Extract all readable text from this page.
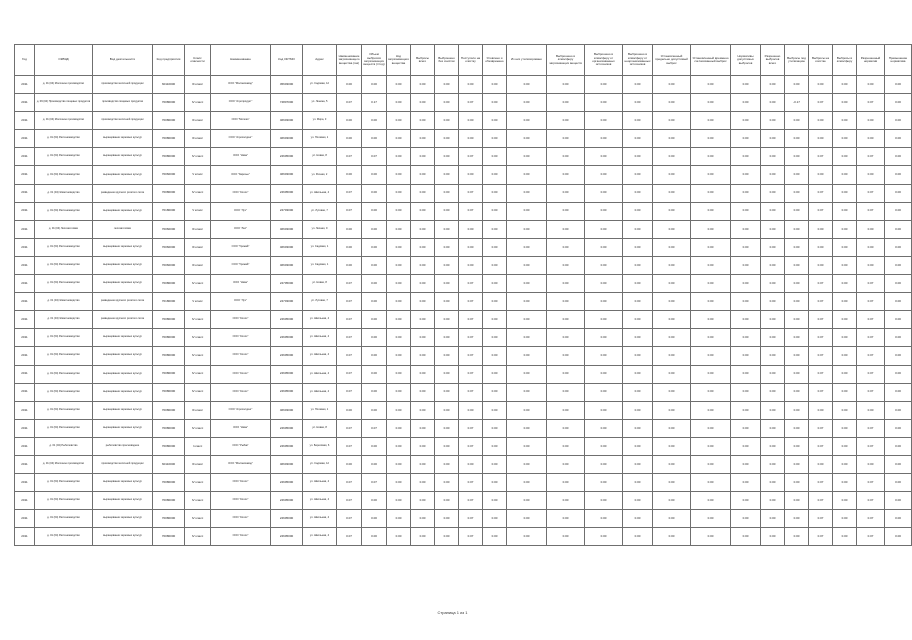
Год	ОКВЭД	Вид деятельности	Код предприятия	Класс опасности	Наименование	Код ОКТМО	Адрес	Наименование загрязняющего вещества (газ)	Объем выбросов загрязняющих веществ (т/год)	Код загрязняющего вещества	Выбросы всего	Выброшено без очистки	Поступило на очистку	Уловлено и обезврежено	Из них утилизировано	Выброшено в атмосферу загрязняющих веществ	Выброшено в атмосферу от организованных источников	Выброшено в атмосферу от неорганизованных источников	Установленный предельно допустимый выброс	Установленный временно согласованный выброс	Нормативы допустимых выбросов	Разрешено выбросов всего	Выбросы под утилизацию	Выбросы на очистке	Выбросы в атмосферу	Разрешенный норматив	Превышение норматива	
2011	д. 01 (04) Молочное производство	производство молочной продукции	60110000	III класс	ООО "Молокозавод"	45603000	ул. Садовая, 12	0.00	0.00	0.00	0.00	0.00	0.00	0.00	0.00	0.00	0.00	0.00	0.00	0.00	0.00	0.00	0.00	0.00	0.00	0.00	0.00	
2011	д. 09 (04) Производство пищевых продуктов	производство пищевых продуктов	70080000	IV класс	ООО "Агропродукт"	74807000	ул. Ленина, 5	0.07	0.17	0.00	0.00	0.00	0.07	0.00	0.00	0.00	0.00	0.00	0.00	0.00	0.00	0.00	-0.17	0.07	0.00	0.07	0.00	
2011	д. 01 (04) Молочное производство	производство молочной продукции	70080000	III класс	ООО "Молоко"	46603000	ул. Мира, 3	0.00	0.00	0.00	0.00	0.00	0.00	0.00	0.00	0.00	0.00	0.00	0.00	0.00	0.00	0.00	0.00	0.00	0.00	0.00	0.00	
2011	д. 01 (04) Растениеводство	выращивание зерновых культур	70080000	III класс	ООО "Агрохолдинг"	46603000	ул. Полевая, 1	0.00	0.00	0.00	0.00	0.00	0.00	0.00	0.00	0.00	0.00	0.00	0.00	0.00	0.00	0.00	0.00	0.00	0.00	0.00	0.00	
2011	д. 01 (04) Растениеводство	выращивание зерновых культур	70080000	IV класс	ООО "Нива"	24605000	ул. Новая, 8	0.07	0.07	0.00	0.00	0.00	0.07	0.00	0.00	0.00	0.00	0.00	0.00	0.00	0.00	0.00	0.00	0.07	0.00	0.07	0.00	
2011	д. 01 (04) Растениеводство	выращивание зерновых культур	70060000	V класс	ООО "Заречье"	46603000	ул. Речная, 2	0.00	0.00	0.00	0.00	0.00	0.00	0.00	0.00	0.00	0.00	0.00	0.00	0.00	0.00	0.00	0.00	0.00	0.00	0.00	0.00	
2011	д. 01 (04) Животноводство	разведение крупного рогатого скота	70080000	IV класс	ООО "Колос"	24605000	ул. Школьная, 4	0.07	0.00	0.00	0.00	0.00	0.07	0.00	0.00	0.00	0.00	0.00	0.00	0.00	0.00	0.00	0.00	0.07	0.00	0.07	0.00	
2011	д. 01 (04) Растениеводство	выращивание зерновых культур	70180000	V класс	ООО "Луч"	24703000	ул. Луговая, 7	0.07	0.00	0.00	0.00	0.00	0.07	0.00	0.00	0.00	0.00	0.00	0.00	0.00	0.00	0.00	0.00	0.07	0.00	0.07	0.00	
2011	д. 01 (04) Лесозаготовки	лесозаготовки	70060000	III класс	ООО "Лес"	46603000	ул. Лесная, 9	0.00	0.00	0.00	0.00	0.00	0.00	0.00	0.00	0.00	0.00	0.00	0.00	0.00	0.00	0.00	0.00	0.00	0.00	0.00	0.00	
2011	д. 01 (04) Растениеводство	выращивание зерновых культур	70060000	III класс	ООО "Урожай"	46603000	ул. Садовая, 1	0.00	0.00	0.00	0.00	0.00	0.00	0.00	0.00	0.00	0.00	0.00	0.00	0.00	0.00	0.00	0.00	0.00	0.00	0.00	0.00	
2011	д. 01 (04) Растениеводство	выращивание зерновых культур	70060000	III класс	ООО "Урожай"	46603000	ул. Садовая, 1	0.00	0.00	0.00	0.00	0.00	0.00	0.00	0.00	0.00	0.00	0.00	0.00	0.00	0.00	0.00	0.00	0.00	0.00	0.00	0.00	
2011	д. 01 (04) Растениеводство	выращивание зерновых культур	70080000	IV класс	ООО "Нива"	24705000	ул. Новая, 8	0.07	0.00	0.00	0.00	0.00	0.07	0.00	0.00	0.00	0.00	0.00	0.00	0.00	0.00	0.00	0.00	0.07	0.00	0.07	0.00	
2011	д. 01 (04) Животноводство	разведение крупного рогатого скота	70180000	V класс	ООО "Луч"	24703000	ул. Луговая, 7	0.07	0.00	0.00	0.00	0.00	0.07	0.00	0.00	0.00	0.00	0.00	0.00	0.00	0.00	0.00	0.00	0.07	0.00	0.07	0.00	
2011	д. 01 (04) Животноводство	разведение крупного рогатого скота	70080000	IV класс	ООО "Колос"	24605000	ул. Школьная, 4	0.07	0.00	0.00	0.00	0.00	0.07	0.00	0.00	0.00	0.00	0.00	0.00	0.00	0.00	0.00	0.00	0.07	0.00	0.07	0.00	
2011	д. 01 (04) Растениеводство	выращивание зерновых культур	70080000	IV класс	ООО "Колос"	24605000	ул. Школьная, 4	0.07	0.00	0.00	0.00	0.00	0.07	0.00	0.00	0.00	0.00	0.00	0.00	0.00	0.00	0.00	0.00	0.07	0.00	0.07	0.00	
2011	д. 01 (04) Растениеводство	выращивание зерновых культур	70080000	IV класс	ООО "Колос"	24605000	ул. Школьная, 4	0.07	0.00	0.00	0.00	0.00	0.07	0.00	0.00	0.00	0.00	0.00	0.00	0.00	0.00	0.00	0.00	0.07	0.00	0.07	0.00	
2011	д. 01 (04) Растениеводство	выращивание зерновых культур	70080000	IV класс	ООО "Колос"	24605000	ул. Школьная, 4	0.07	0.00	0.00	0.00	0.00	0.07	0.00	0.00	0.00	0.00	0.00	0.00	0.00	0.00	0.00	0.00	0.07	0.00	0.07	0.00	
2011	д. 01 (04) Растениеводство	выращивание зерновых культур	70080000	IV класс	ООО "Колос"	24605000	ул. Школьная, 4	0.07	0.00	0.00	0.00	0.00	0.07	0.00	0.00	0.00	0.00	0.00	0.00	0.00	0.00	0.00	0.00	0.07	0.00	0.07	0.00	
2011	д. 01 (04) Растениеводство	выращивание зерновых культур	70080000	III класс	ООО "Агрохолдинг"	46603000	ул. Полевая, 1	0.00	0.00	0.00	0.00	0.00	0.00	0.00	0.00	0.00	0.00	0.00	0.00	0.00	0.00	0.00	0.00	0.00	0.00	0.00	0.00	
2011	д. 01 (04) Растениеводство	выращивание зерновых культур	70080000	IV класс	ООО "Нива"	24605000	ул. Новая, 8	0.07	0.07	0.00	0.00	0.00	0.07	0.00	0.00	0.00	0.00	0.00	0.00	0.00	0.00	0.00	0.00	0.07	0.00	0.07	0.00	
2011	д. 01 (04) Рыболовство	рыболовство пресноводное	70080000	I класс	ООО "Рыбак"	24605000	ул. Береговая, 6	0.07	0.00	0.00	0.00	0.00	0.07	0.00	0.00	0.00	0.00	0.00	0.00	0.00	0.00	0.00	0.00	0.07	0.00	0.07	0.00	
2011	д. 01 (04) Молочное производство	производство молочной продукции	60110000	III класс	ООО "Молокозавод"	46603000	ул. Садовая, 12	0.00	0.00	0.00	0.00	0.00	0.00	0.00	0.00	0.00	0.00	0.00	0.00	0.00	0.00	0.00	0.00	0.00	0.00	0.00	0.00	
2011	д. 01 (04) Растениеводство	выращивание зерновых культур	70080000	IV класс	ООО "Колос"	24605000	ул. Школьная, 4	0.07	0.07	0.00	0.00	0.00	0.07	0.00	0.00	0.00	0.00	0.00	0.00	0.00	0.00	0.00	0.00	0.07	0.00	0.07	0.00	
2011	д. 01 (04) Растениеводство	выращивание зерновых культур	70080000	IV класс	ООО "Колос"	24605000	ул. Школьная, 4	0.07	0.00	0.00	0.00	0.00	0.07	0.00	0.00	0.00	0.00	0.00	0.00	0.00	0.00	0.00	0.00	0.07	0.00	0.07	0.00	
2011	д. 01 (04) Растениеводство	выращивание зерновых культур	70080000	IV класс	ООО "Колос"	24605000	ул. Школьная, 4	0.07	0.00	0.00	0.00	0.00	0.07	0.00	0.00	0.00	0.00	0.00	0.00	0.00	0.00	0.00	0.00	0.07	0.00	0.07	0.00	
2011	д. 01 (04) Растениеводство	выращивание зерновых культур	70080000	IV класс	ООО "Колос"	24605000	ул. Школьная, 4	0.07	0.00	0.00	0.00	0.00	0.07	0.00	0.00	0.00	0.00	0.00	0.00	0.00	0.00	0.00	0.00	0.07	0.00	0.07	0.00	
Страница 1 из 1
